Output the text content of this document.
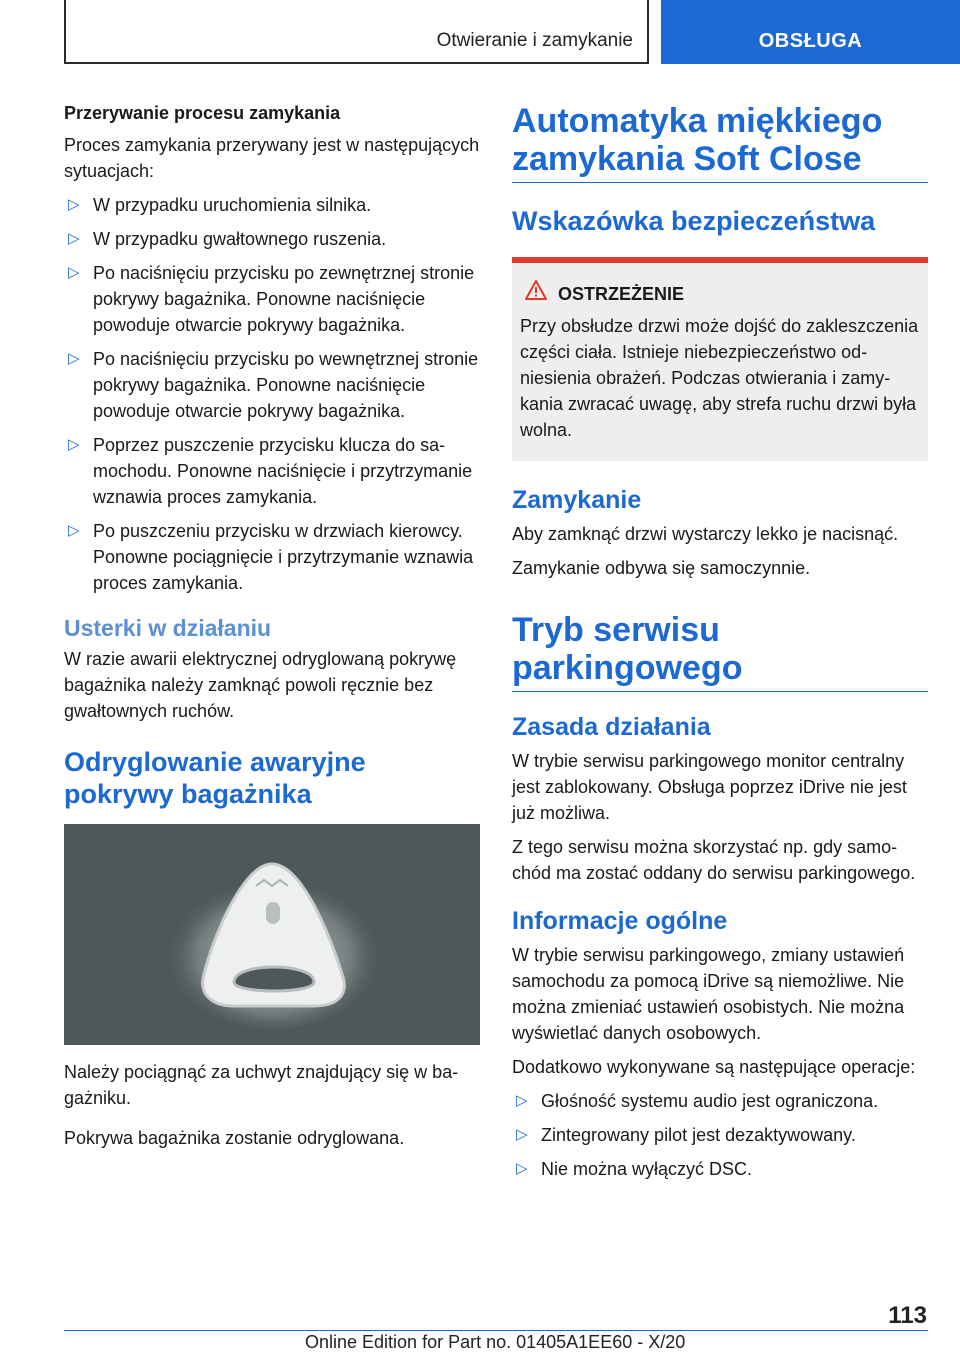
Otwieranie i zamykanie	OBSŁUGA
Przerywanie procesu zamykania

Proces zamykania przerywany jest w następujących sytuacjach:

▷ W przypadku uruchomienia silnika.
▷ W przypadku gwałtownego ruszenia.
▷ Po naciśnięciu przycisku po zewnętrznej stronie pokrywy bagażnika. Ponowne naciśnięcie powoduje otwarcie pokrywy bagażnika.
▷ Po naciśnięciu przycisku po wewnętrznej stronie pokrywy bagażnika. Ponowne naciśnięcie powoduje otwarcie pokrywy bagażnika.
▷ Poprzez puszczenie przycisku klucza do samochodu. Ponowne naciśnięcie i przytrzymanie wznawia proces zamykania.
▷ Po puszczeniu przycisku w drzwiach kierowcy. Ponowne pociągnięcie i przytrzymanie wznawia proces zamykania.
Usterki w działaniu

W razie awarii elektrycznej odryglowaną pokrywę bagażnika należy zamknąć powoli ręcznie bez gwałtownych ruchów.

Odryglowanie awaryjne pokrywy bagażnika

Należy pociągnąć za uchwyt znajdujący się w bagażniku.

Pokrywa bagażnika zostanie odryglowana.

Automatyka miękkiego zamykania Soft Close
Wskazówka bezpieczeństwa
OSTRZEŻENIE

Przy obsłudze drzwi może dojść do zakleszczenia części ciała. Istnieje niebezpieczeństwo odniesienia obrażeń. Podczas otwierania i zamykania zwracać uwagę, aby strefa ruchu drzwi była wolna.

Zamykanie

Aby zamknąć drzwi wystarczy lekko je nacisnąć.

Zamykanie odbywa się samoczynnie.

Tryb serwisu parkingowego
Zasada działania

W trybie serwisu parkingowego monitor centralny jest zablokowany. Obsługa poprzez iDrive nie jest już możliwa.

Z tego serwisu można skorzystać np. gdy samochód ma zostać oddany do serwisu parkingowego.

Informacje ogólne

W trybie serwisu parkingowego, zmiany ustawień samochodu za pomocą iDrive są niemożliwe. Nie można zmieniać ustawień osobistych. Nie można wyświetlać danych osobowych.

Dodatkowo wykonywane są następujące operacje:

▷ Głośność systemu audio jest ograniczona.
▷ Zintegrowany pilot jest dezaktywowany.
▷ Nie można wyłączyć DSC.
113
Online Edition for Part no. 01405A1EE60 - X/20
